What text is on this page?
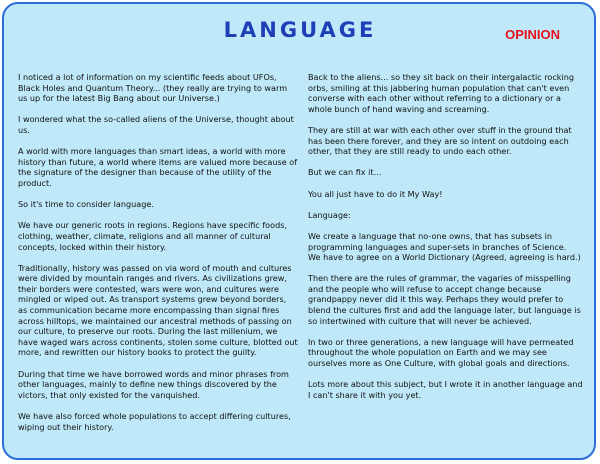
LANGUAGE	OPINION

I noticed a lot of information on my scientific feeds about UFOs, Black Holes and Quantum Theory... (they really are trying to warm us up for the latest Big Bang about our Universe.)

I wondered what the so-called aliens of the Universe, thought about us.

A world with more languages than smart ideas, a world with more history than future, a world where items are valued more because of the signature of the designer than because of the utility of the product.

So it's time to consider language.

We have our generic roots in regions. Regions have specific foods, clothing, weather, climate, religions and all manner of cultural concepts, locked within their history.

Traditionally, history was passed on via word of mouth and cultures were divided by mountain ranges and rivers. As civilizations grew, their borders were contested, wars were won, and cultures were mingled or wiped out. As transport systems grew beyond borders, as communication became more encompassing than signal fires across hilltops, we maintained our ancestral methods of passing on our culture, to preserve our roots. During the last millenium, we have waged wars across continents, stolen some culture, blotted out more, and rewritten our history books to protect the guilty.

During that time we have borrowed words and minor phrases from other languages, mainly to define new things discovered by the victors, that only existed for the vanquished.

We have also forced whole populations to accept differing cultures, wiping out their history.

Back to the aliens... so they sit back on their intergalactic rocking orbs, smiling at this jabbering human population that can't even converse with each other without referring to a dictionary or a whole bunch of hand waving and screaming.

They are still at war with each other over stuff in the ground that has been there forever, and they are so intent on outdoing each other, that they are still ready to undo each other.

But we can fix it...

You all just have to do it My Way!

Language:

We create a language that no-one owns, that has subsets in programming languages and super-sets in branches of Science.

We have to agree on a World Dictionary (Agreed, agreeing is hard.)

Then there are the rules of grammar, the vagaries of misspelling and the people who will refuse to accept change because grandpappy never did it this way. Perhaps they would prefer to blend the cultures first and add the language later, but language is so intertwined with culture that will never be achieved.

In two or three generations, a new language will have permeated throughout the whole population on Earth and we may see ourselves more as One Culture, with global goals and directions.

Lots more about this subject, but I wrote it in another language and I can't share it with you yet.
